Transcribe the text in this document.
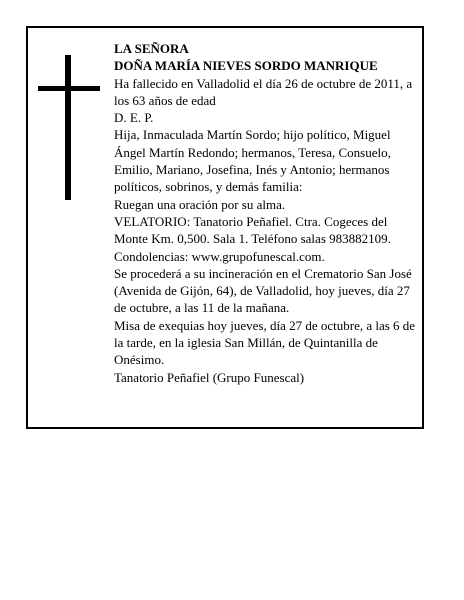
LA SEÑORA

DOÑA MARÍA NIEVES SORDO MANRIQUE

Ha fallecido en Valladolid el día 26 de octubre de 2011, a los 63 años de edad

D. E. P.

Hija, Inmaculada Martín Sordo; hijo político, Miguel Ángel Martín Redondo; hermanos, Teresa, Consuelo, Emilio, Mariano, Josefina, Inés y Antonio; hermanos políticos, sobrinos, y demás familia:

Ruegan una oración por su alma.

VELATORIO: Tanatorio Peñafiel. Ctra. Cogeces del Monte Km. 0,500. Sala 1. Teléfono salas 983882109.

Condolencias: www.grupofunescal.com.

Se procederá a su incineración en el Crematorio San José (Avenida de Gijón, 64), de Valladolid, hoy jueves, día 27 de octubre, a las 11 de la mañana.

Misa de exequias hoy jueves, día 27 de octubre, a las 6 de la tarde, en la iglesia San Millán, de Quintanilla de Onésimo.

Tanatorio Peñafiel (Grupo Funescal)
